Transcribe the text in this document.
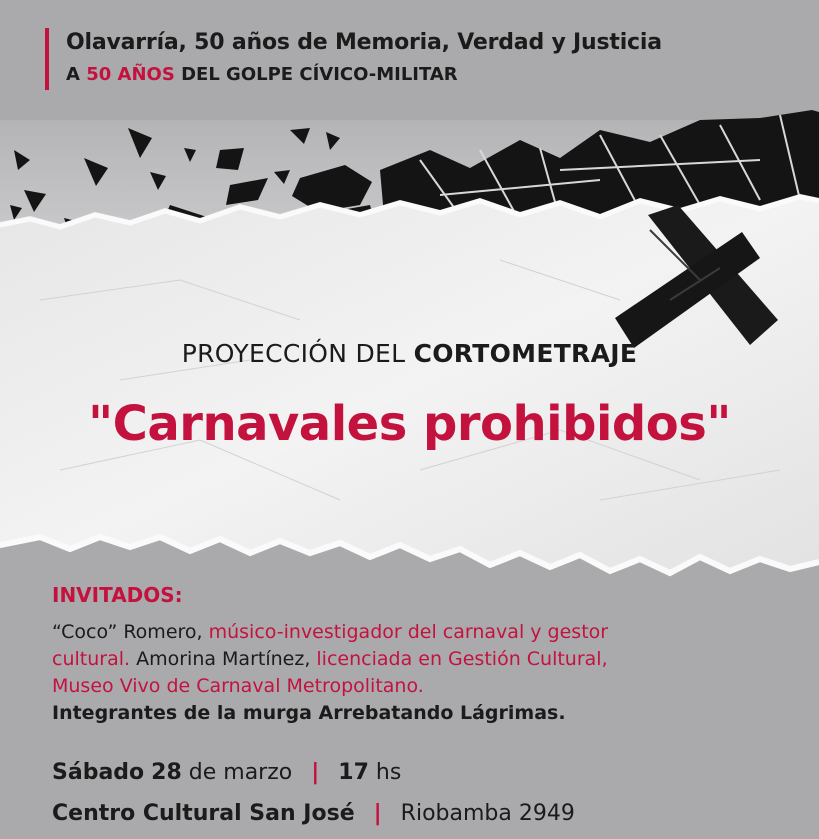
Olavarría, 50 años de Memoria, Verdad y Justicia
A 50 AÑOS DEL GOLPE CÍVICO-MILITAR
PROYECCIÓN DEL CORTOMETRAJE
"Carnavales prohibidos"
INVITADOS:
“Coco” Romero, músico-investigador del carnaval y gestor
cultural. Amorina Martínez, licenciada en Gestión Cultural,
Museo Vivo de Carnaval Metropolitano.
Integrantes de la murga Arrebatando Lágrimas.
Sábado 28 de marzo | 17 hs
Centro Cultural San José | Riobamba 2949
